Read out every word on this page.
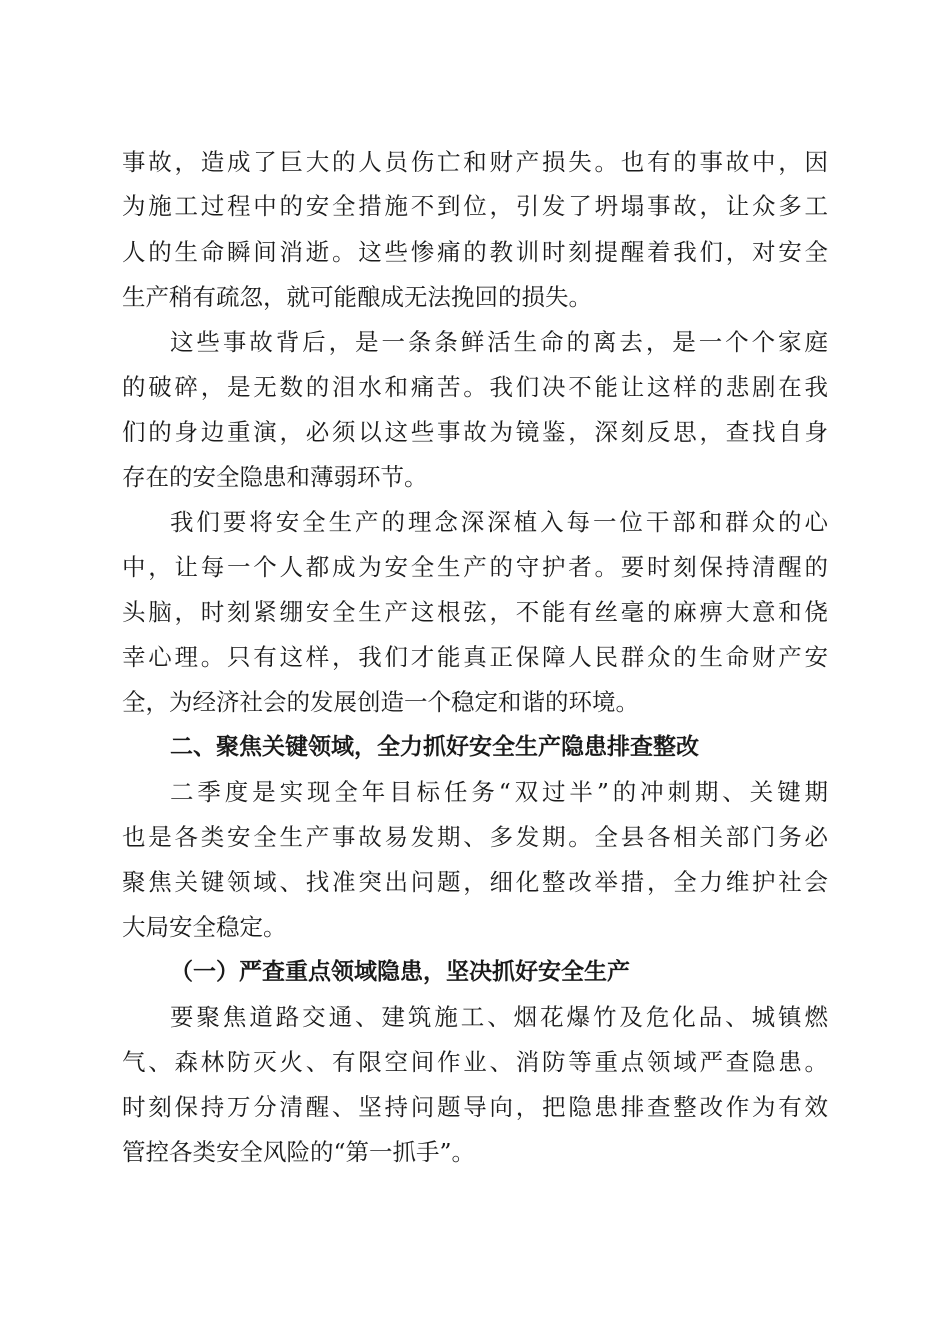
事故，造成了巨大的人员伤亡和财产损失。也有的事故中，因
为施工过程中的安全措施不到位，引发了坍塌事故，让众多工
人的生命瞬间消逝。这些惨痛的教训时刻提醒着我们，对安全
生产稍有疏忽，就可能酿成无法挽回的损失。
这些事故背后，是一条条鲜活生命的离去，是一个个家庭
的破碎，是无数的泪水和痛苦。我们决不能让这样的悲剧在我
们的身边重演，必须以这些事故为镜鉴，深刻反思，查找自身
存在的安全隐患和薄弱环节。
我们要将安全生产的理念深深植入每一位干部和群众的心
中，让每一个人都成为安全生产的守护者。要时刻保持清醒的
头脑，时刻紧绷安全生产这根弦，不能有丝毫的麻痹大意和侥
幸心理。只有这样，我们才能真正保障人民群众的生命财产安
全，为经济社会的发展创造一个稳定和谐的环境。
二、聚焦关键领域，全力抓好安全生产隐患排查整改
二季度是实现全年目标任务“双过半”的冲刺期、关键期
也是各类安全生产事故易发期、多发期。全县各相关部门务必
聚焦关键领域、找准突出问题，细化整改举措，全力维护社会
大局安全稳定。
（一）严查重点领域隐患，坚决抓好安全生产
要聚焦道路交通、建筑施工、烟花爆竹及危化品、城镇燃
气、森林防灭火、有限空间作业、消防等重点领域严查隐患。
时刻保持万分清醒、坚持问题导向，把隐患排查整改作为有效
管控各类安全风险的“第一抓手”。
